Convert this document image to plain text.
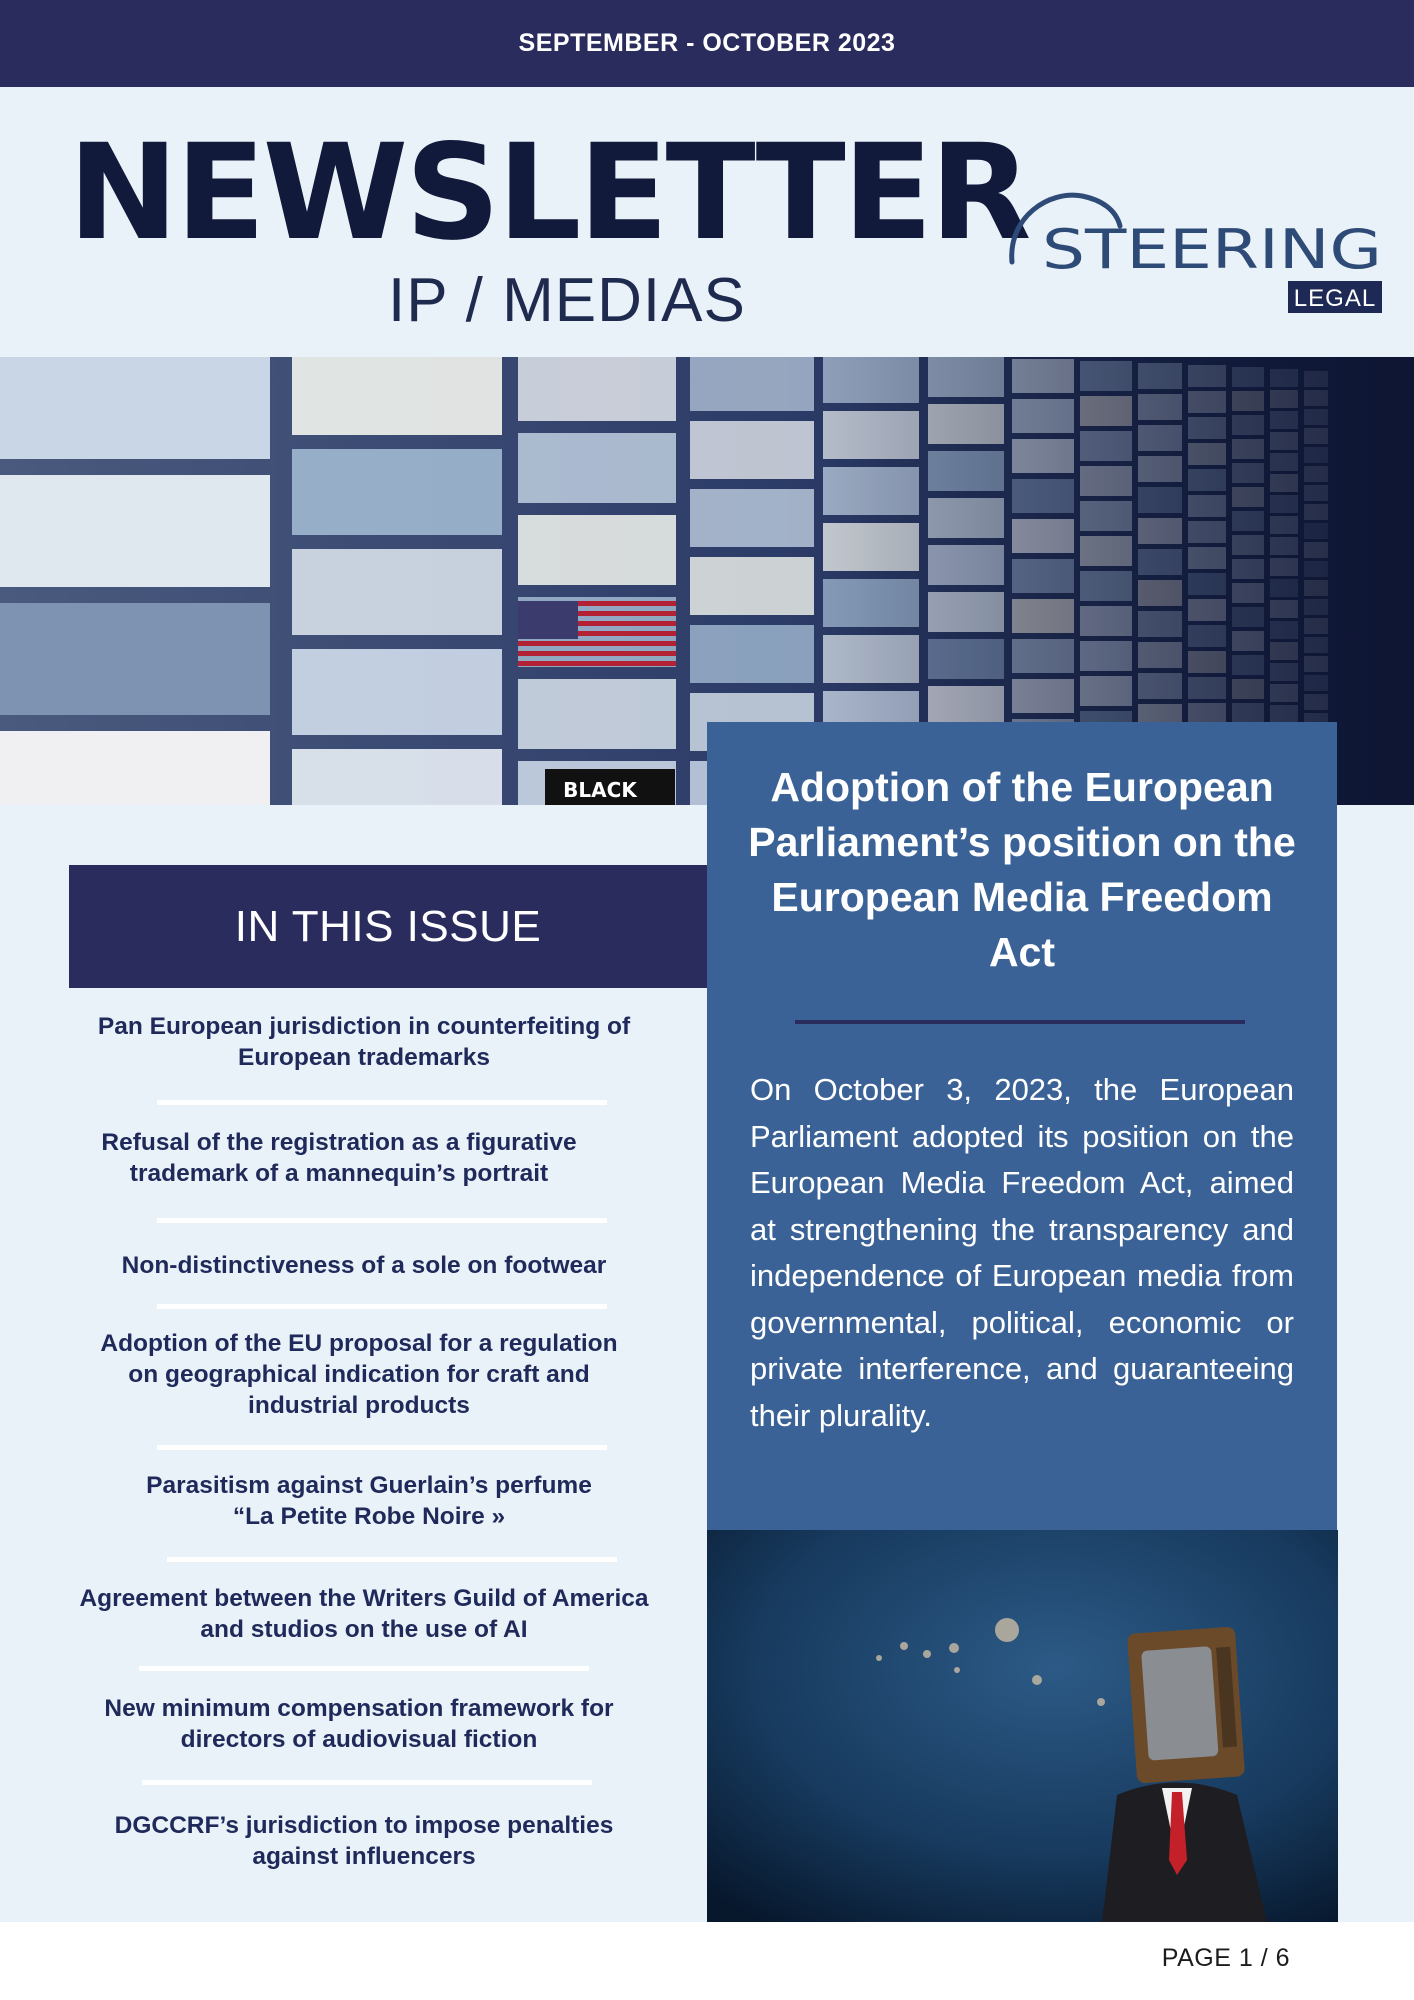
SEPTEMBER - OCTOBER 2023
NEWSLETTER
IP / MEDIAS
STEERING
LEGAL
BLACK	Adoption of the European Parliament’s position on the European Media Freedom Act

On October 3, 2023, the European Parliament adopted its position on the European Media Freedom Act, aimed at strengthening the transparency and independence of European media from governmental, political, economic or private interference, and guaranteeing their plurality.

IN THIS ISSUE
Pan European jurisdiction in counterfeiting of European trademarks
Refusal of the registration as a figurative trademark of a mannequin’s portrait
Non-distinctiveness of a sole on footwear
Adoption of the EU proposal for a regulation on geographical indication for craft and industrial products
Parasitism against Guerlain’s perfume “La Petite Robe Noire »
Agreement between the Writers Guild of America and studios on the use of AI
New minimum compensation framework for directors of audiovisual fiction
DGCCRF’s jurisdiction to impose penalties against influencers
PAGE 1 / 6
